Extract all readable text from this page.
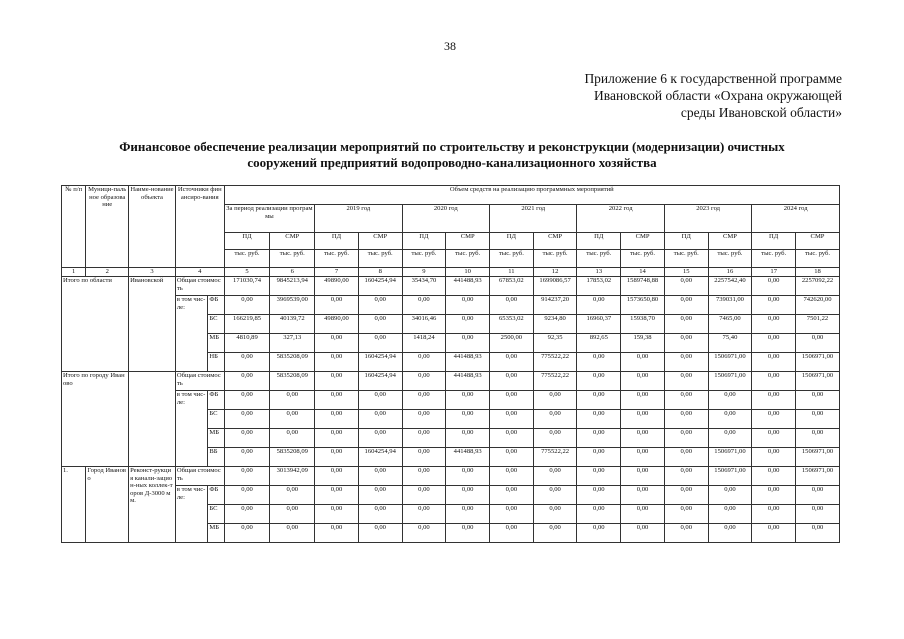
38
Приложение 6 к государственной программе
Ивановской области «Охрана окружающей
среды Ивановской области»
Финансовое обеспечение реализации мероприятий по строительству и реконструкции (модернизации) очистных
сооружений предприятий водопроводно-канализационного хозяйства
№ п/п	Муници-пальное образова ние	Наиме-нование объекта	Источники финансиро-вания		Объем средств на реализацию программных мероприятий													
					За период реализации программы		2019 год		2020 год		2021 год		2022 год		2023 год		2024 год	
					ПД	СМР	ПД	СМР	ПД	СМР	ПД	СМР	ПД	СМР	ПД	СМР	ПД	СМР
					тыс. руб.	тыс. руб.	тыс. руб.	тыс. руб.	тыс. руб.	тыс. руб.	тыс. руб.	тыс. руб.	тыс. руб.	тыс. руб.	тыс. руб.	тыс. руб.	тыс. руб.	тыс. руб.
1	2	3	4		5	6	7	8	9	10	11	12	13	14	15	16	17	18
Итого по области		Ивановской	Общая стоимость		171030,74	9845213,94	49890,00	1604254,94	35434,70	441488,93	67853,02	1699086,57	17853,02	1589748,88	0,00	2257542,40	0,00	2257092,22
			в том чис-ле:	ФБ	0,00	3969539,00	0,00	0,00	0,00	0,00	0,00	914237,20	0,00	1573650,80	0,00	739031,00	0,00	742620,00
				БС	166219,85	40139,72	49890,00	0,00	34016,46	0,00	65353,02	9234,80	16960,37	15938,70	0,00	7465,00	0,00	7501,22
				МБ	4810,89	327,13	0,00	0,00	1418,24	0,00	2500,00	92,35	892,65	159,38	0,00	75,40	0,00	0,00
				НБ	0,00	5835208,09	0,00	1604254,94	0,00	441488,93	0,00	775522,22	0,00	0,00	0,00	1506971,00	0,00	1506971,00
Итого по городу Иваново			Общая стоимость		0,00	5835208,09	0,00	1604254,94	0,00	441488,93	0,00	775522,22	0,00	0,00	0,00	1506971,00	0,00	1506971,00
			в том чис-ле:	ФБ	0,00	0,00	0,00	0,00	0,00	0,00	0,00	0,00	0,00	0,00	0,00	0,00	0,00	0,00
				БС	0,00	0,00	0,00	0,00	0,00	0,00	0,00	0,00	0,00	0,00	0,00	0,00	0,00	0,00
				МБ	0,00	0,00	0,00	0,00	0,00	0,00	0,00	0,00	0,00	0,00	0,00	0,00	0,00	0,00
				ВБ	0,00	5835208,09	0,00	1604254,94	0,00	441488,93	0,00	775522,22	0,00	0,00	0,00	1506971,00	0,00	1506971,00
1.	Город Иваново	Реконст-рукция канали-зацион-ных коллек-торов Д-3000 мм.	Общая стоимость		0,00	3013942,09	0,00	0,00	0,00	0,00	0,00	0,00	0,00	0,00	0,00	1506971,00	0,00	1506971,00
			в том чис-ле:	ФБ	0,00	0,00	0,00	0,00	0,00	0,00	0,00	0,00	0,00	0,00	0,00	0,00	0,00	0,00
				БС	0,00	0,00	0,00	0,00	0,00	0,00	0,00	0,00	0,00	0,00	0,00	0,00	0,00	0,00
				МБ	0,00	0,00	0,00	0,00	0,00	0,00	0,00	0,00	0,00	0,00	0,00	0,00	0,00	0,00
